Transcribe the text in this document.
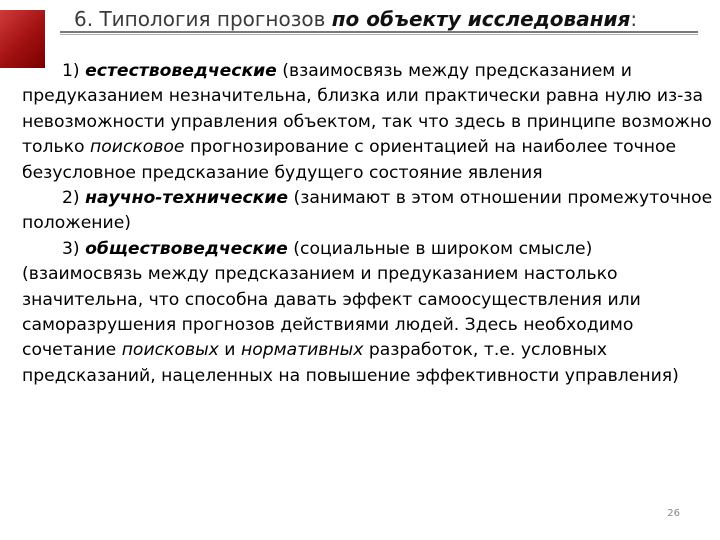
6. Типология прогнозов по объекту исследования:

1) естествоведческие (взаимосвязь между предсказанием и предуказанием незначительна, близка или практически равна нулю из-за невозможности управления объектом, так что здесь в принципе возможно только поисковое прогнозирование с ориентацией на наиболее точное безусловное предсказание будущего состояние явления

2) научно-технические (занимают в этом отношении промежуточное положение)

3) обществоведческие (социальные в широком смысле) (взаимосвязь между предсказанием и предуказанием настолько значительна, что способна давать эффект самоосуществления или саморазрушения прогнозов действиями людей. Здесь необходимо сочетание поисковых и нормативных разработок, т.е. условных предсказаний, нацеленных на повышение эффективности управления)

26
